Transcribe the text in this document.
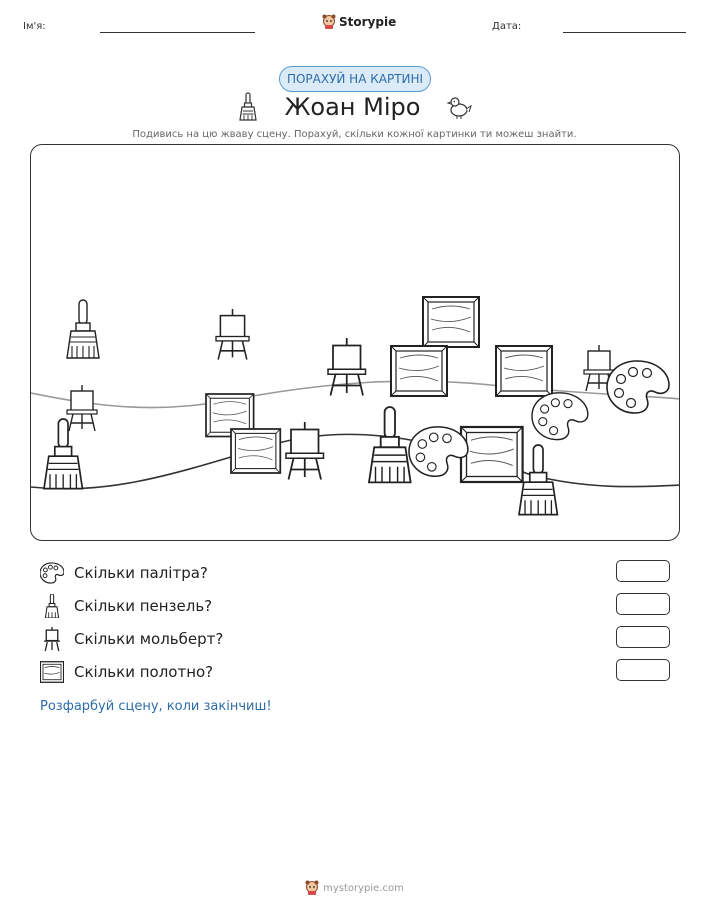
Ім'я:	Storypie	Дата:
ПОРАХУЙ НА КАРТИНІ
Жоан Міро
Подивись на цю жваву сцену. Порахуй, скільки кожної картинки ти можеш знайти.
Скільки палітра?
Скільки пензель?
Скільки мольберт?
Скільки полотно?
Розфарбуй сцену, коли закінчиш!
mystorypie.com
